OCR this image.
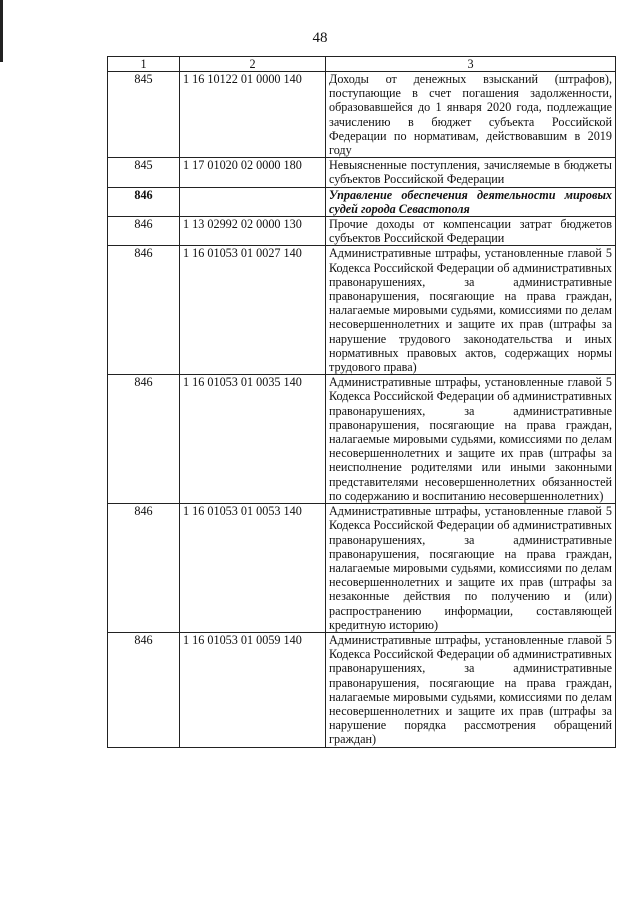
48
1	2	3
845	1 16 10122 01 0000 140	Доходы от денежных взысканий (штрафов), поступающие в счет погашения задолженности, образовавшейся до 1 января 2020 года, подлежащие зачислению в бюджет субъекта Российской Федерации по нормативам, действовавшим в 2019 году
845	1 17 01020 02 0000 180	Невыясненные поступления, зачисляемые в бюджеты субъектов Российской Федерации
846		Управление обеспечения деятельности мировых судей города Севастополя
846	1 13 02992 02 0000 130	Прочие доходы от компенсации затрат бюджетов субъектов Российской Федерации
846	1 16 01053 01 0027 140	Административные штрафы, установленные главой 5 Кодекса Российской Федерации об административных правонарушениях, за административные правонарушения, посягающие на права граждан, налагаемые мировыми судьями, комиссиями по делам несовершеннолетних и защите их прав (штрафы за нарушение трудового законодательства и иных нормативных правовых актов, содержащих нормы трудового права)
846	1 16 01053 01 0035 140	Административные штрафы, установленные главой 5 Кодекса Российской Федерации об административных правонарушениях, за административные правонарушения, посягающие на права граждан, налагаемые мировыми судьями, комиссиями по делам несовершеннолетних и защите их прав (штрафы за неисполнение родителями или иными законными представителями несовершеннолетних обязанностей по содержанию и воспитанию несовершеннолетних)
846	1 16 01053 01 0053 140	Административные штрафы, установленные главой 5 Кодекса Российской Федерации об административных правонарушениях, за административные правонарушения, посягающие на права граждан, налагаемые мировыми судьями, комиссиями по делам несовершеннолетних и защите их прав (штрафы за незаконные действия по получению и (или) распространению информации, составляющей кредитную историю)
846	1 16 01053 01 0059 140	Административные штрафы, установленные главой 5 Кодекса Российской Федерации об административных правонарушениях, за административные правонарушения, посягающие на права граждан, налагаемые мировыми судьями, комиссиями по делам несовершеннолетних и защите их прав (штрафы за нарушение порядка рассмотрения обращений граждан)
